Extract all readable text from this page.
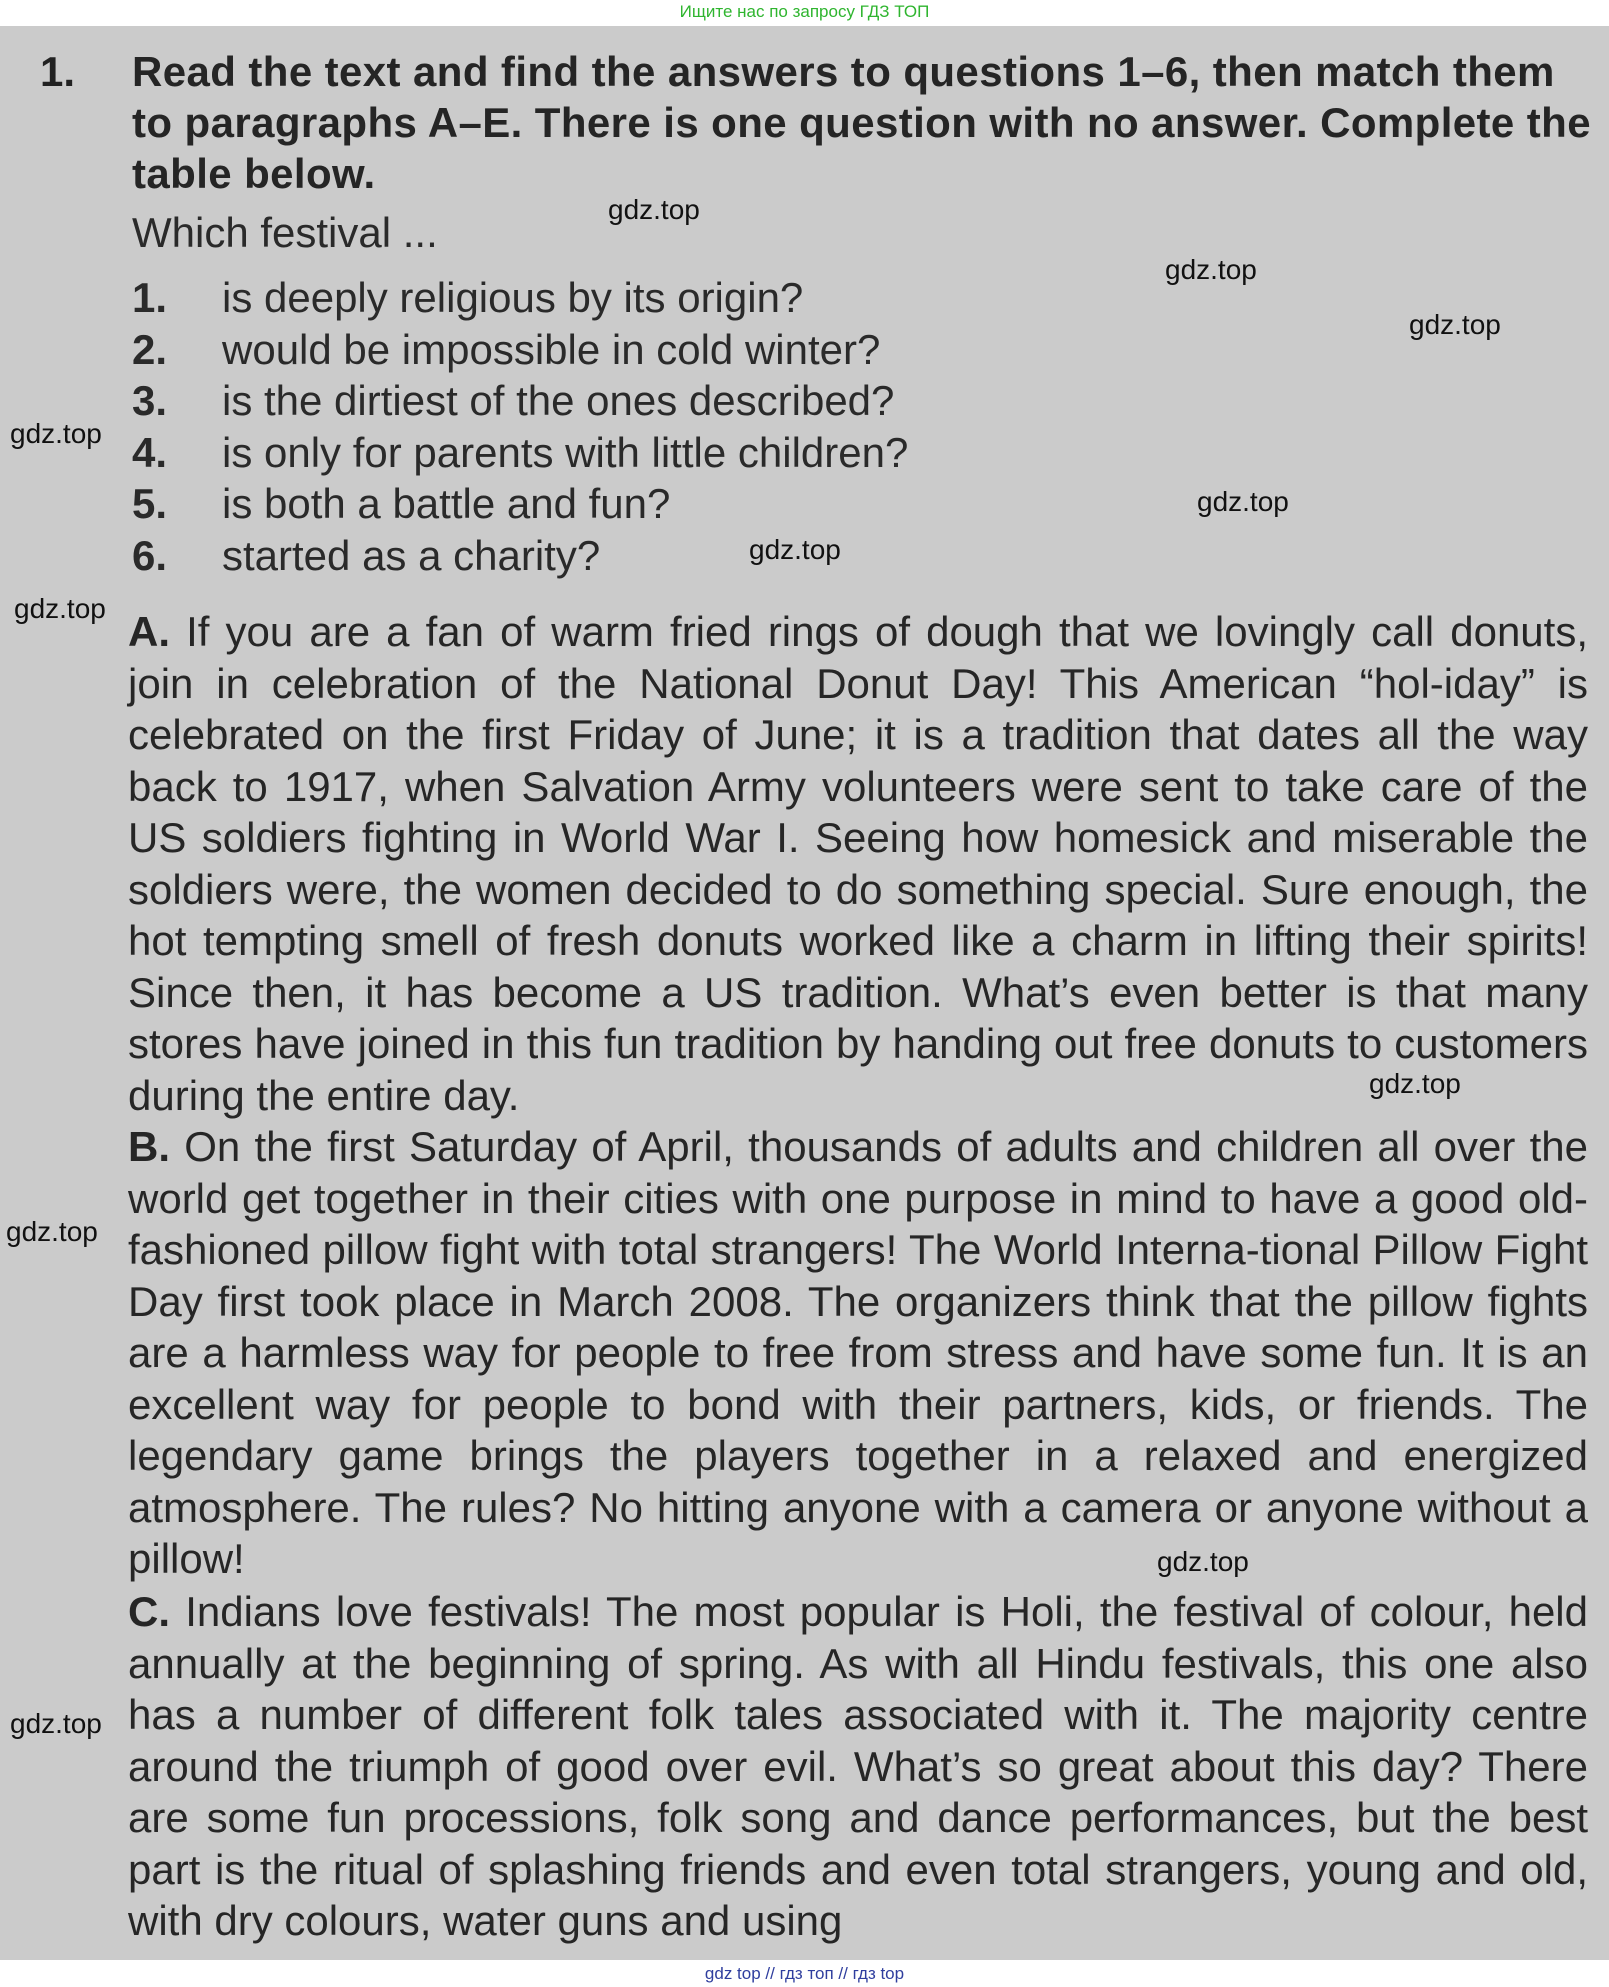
Ищите нас по запросу ГДЗ ТОП
1. Read the text and find the answers to questions 1–6, then match them to paragraphs A–E. There is one question with no answer. Complete the table below.
Which festival ...
1. is deeply religious by its origin?
2. would be impossible in cold winter?
3. is the dirtiest of the ones described?
4. is only for parents with little children?
5. is both a battle and fun?
6. started as a charity?

A. If you are a fan of warm fried rings of dough that we lovingly call donuts, join in celebration of the National Donut Day! This American “hol-iday” is celebrated on the first Friday of June; it is a tradition that dates all the way back to 1917, when Salvation Army volunteers were sent to take care of the US soldiers fighting in World War I. Seeing how homesick and miserable the soldiers were, the women decided to do something special. Sure enough, the hot tempting smell of fresh donuts worked like a charm in lifting their spirits! Since then, it has become a US tradition. What’s even better is that many stores have joined in this fun tradition by handing out free donuts to customers during the entire day.

B. On the first Saturday of April, thousands of adults and children all over the world get together in their cities with one purpose in mind to have a good old-fashioned pillow fight with total strangers! The World Interna-tional Pillow Fight Day first took place in March 2008. The organizers think that the pillow fights are a harmless way for people to free from stress and have some fun. It is an excellent way for people to bond with their partners, kids, or friends. The legendary game brings the players together in a relaxed and energized atmosphere. The rules? No hitting anyone with a camera or anyone without a pillow!

C. Indians love festivals! The most popular is Holi, the festival of colour, held annually at the beginning of spring. As with all Hindu festivals, this one also has a number of different folk tales associated with it. The majority centre around the triumph of good over evil. What’s so great about this day? There are some fun processions, folk song and dance performances, but the best part is the ritual of splashing friends and even total strangers, young and old, with dry colours, water guns and using

gdz.top
gdz.top
gdz.top
gdz.top
gdz.top
gdz.top
gdz.top
gdz.top
gdz.top
gdz.top
gdz.top
gdz top // гдз топ // гдз top
